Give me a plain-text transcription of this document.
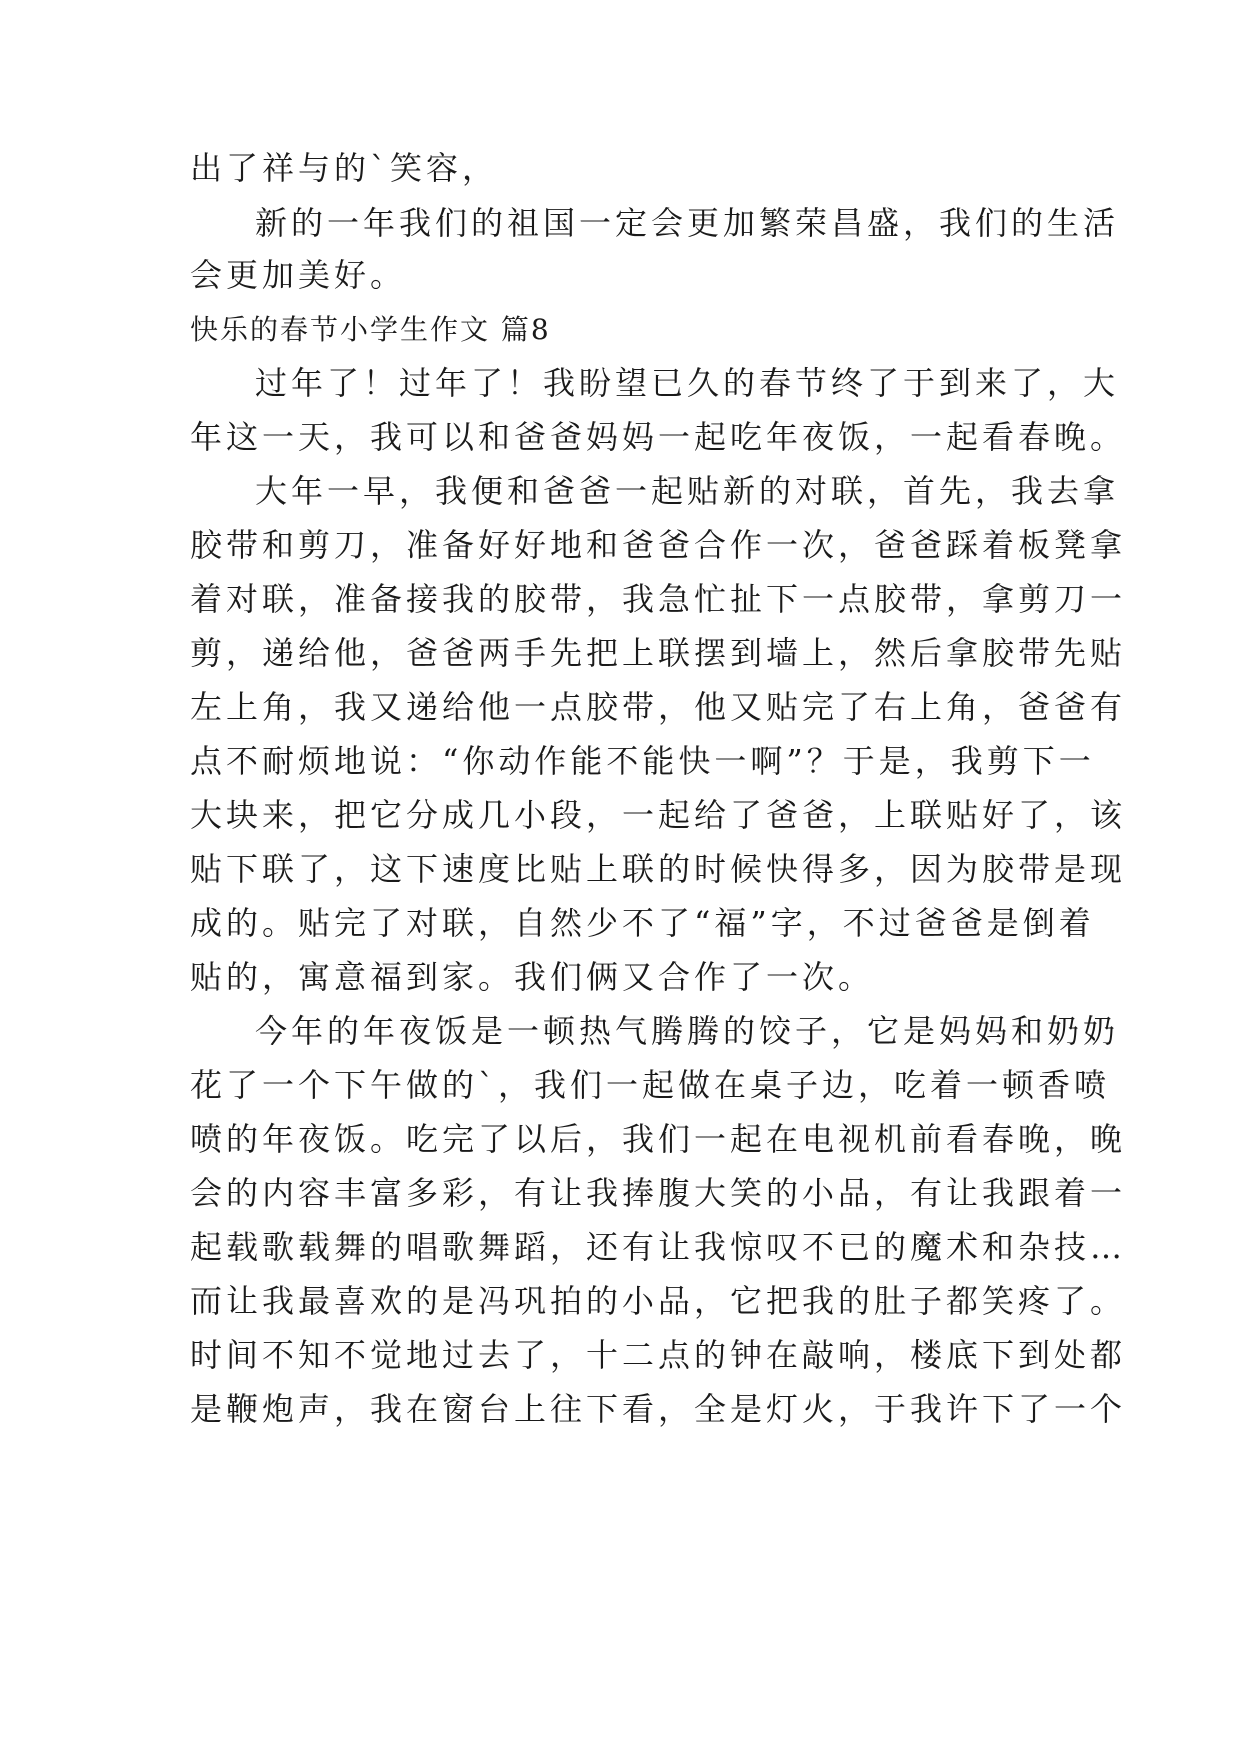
出了祥与的`笑容，
新的一年我们的祖国一定会更加繁荣昌盛，我们的生活
会更加美好。
快乐的春节小学生作文 篇8
过年了！过年了！我盼望已久的春节终了于到来了，大
年这一天，我可以和爸爸妈妈一起吃年夜饭，一起看春晚。
大年一早，我便和爸爸一起贴新的对联，首先，我去拿
胶带和剪刀，准备好好地和爸爸合作一次，爸爸踩着板凳拿
着对联，准备接我的胶带，我急忙扯下一点胶带，拿剪刀一
剪，递给他，爸爸两手先把上联摆到墙上，然后拿胶带先贴
左上角，我又递给他一点胶带，他又贴完了右上角，爸爸有
点不耐烦地说：“你动作能不能快一啊”？于是，我剪下一
大块来，把它分成几小段，一起给了爸爸，上联贴好了，该
贴下联了，这下速度比贴上联的时候快得多，因为胶带是现
成的。贴完了对联，自然少不了“福”字，不过爸爸是倒着
贴的，寓意福到家。我们俩又合作了一次。
今年的年夜饭是一顿热气腾腾的饺子，它是妈妈和奶奶
花了一个下午做的`，我们一起做在桌子边，吃着一顿香喷
喷的年夜饭。吃完了以后，我们一起在电视机前看春晚，晚
会的内容丰富多彩，有让我捧腹大笑的小品，有让我跟着一
起载歌载舞的唱歌舞蹈，还有让我惊叹不已的魔术和杂技…
而让我最喜欢的是冯巩拍的小品，它把我的肚子都笑疼了。
时间不知不觉地过去了，十二点的钟在敲响，楼底下到处都
是鞭炮声，我在窗台上往下看，全是灯火，于我许下了一个
